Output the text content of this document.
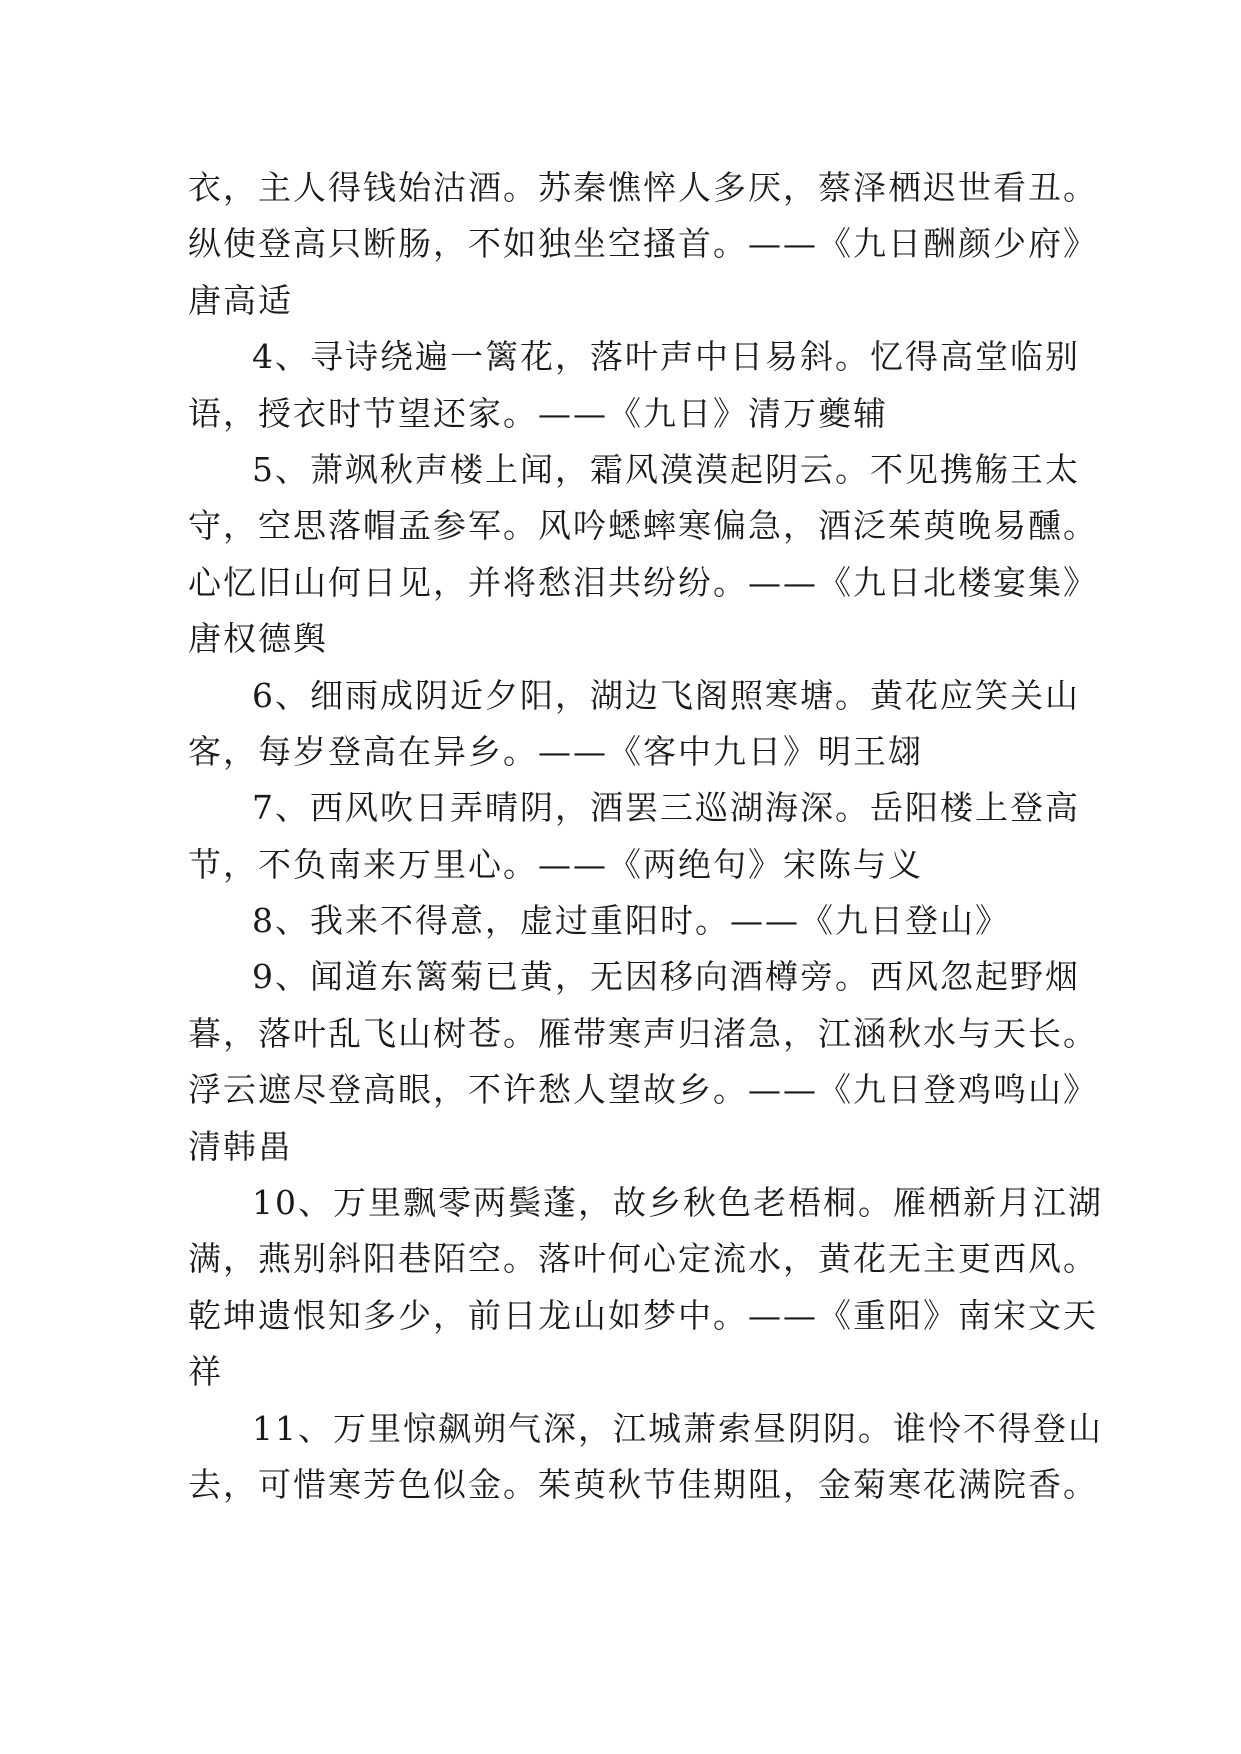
衣，主人得钱始沽酒。苏秦憔悴人多厌，蔡泽栖迟世看丑。
纵使登高只断肠，不如独坐空搔首。——《九日酬颜少府》
唐高适
4、寻诗绕遍一篱花，落叶声中日易斜。忆得高堂临别
语，授衣时节望还家。——《九日》清万夔辅
5、萧飒秋声楼上闻，霜风漠漠起阴云。不见携觞王太
守，空思落帽孟参军。风吟蟋蟀寒偏急，酒泛茱萸晚易醺。
心忆旧山何日见，并将愁泪共纷纷。——《九日北楼宴集》
唐权德舆
6、细雨成阴近夕阳，湖边飞阁照寒塘。黄花应笑关山
客，每岁登高在异乡。——《客中九日》明王翃
7、西风吹日弄晴阴，酒罢三巡湖海深。岳阳楼上登高
节，不负南来万里心。——《两绝句》宋陈与义
8、我来不得意，虚过重阳时。——《九日登山》
9、闻道东篱菊已黄，无因移向酒樽旁。西风忽起野烟
暮，落叶乱飞山树苍。雁带寒声归渚急，江涵秋水与天长。
浮云遮尽登高眼，不许愁人望故乡。——《九日登鸡鸣山》
清韩畕
10、万里飘零两鬓蓬，故乡秋色老梧桐。雁栖新月江湖
满，燕别斜阳巷陌空。落叶何心定流水，黄花无主更西风。
乾坤遗恨知多少，前日龙山如梦中。——《重阳》南宋文天
祥
11、万里惊飙朔气深，江城萧索昼阴阴。谁怜不得登山
去，可惜寒芳色似金。茱萸秋节佳期阻，金菊寒花满院香。
